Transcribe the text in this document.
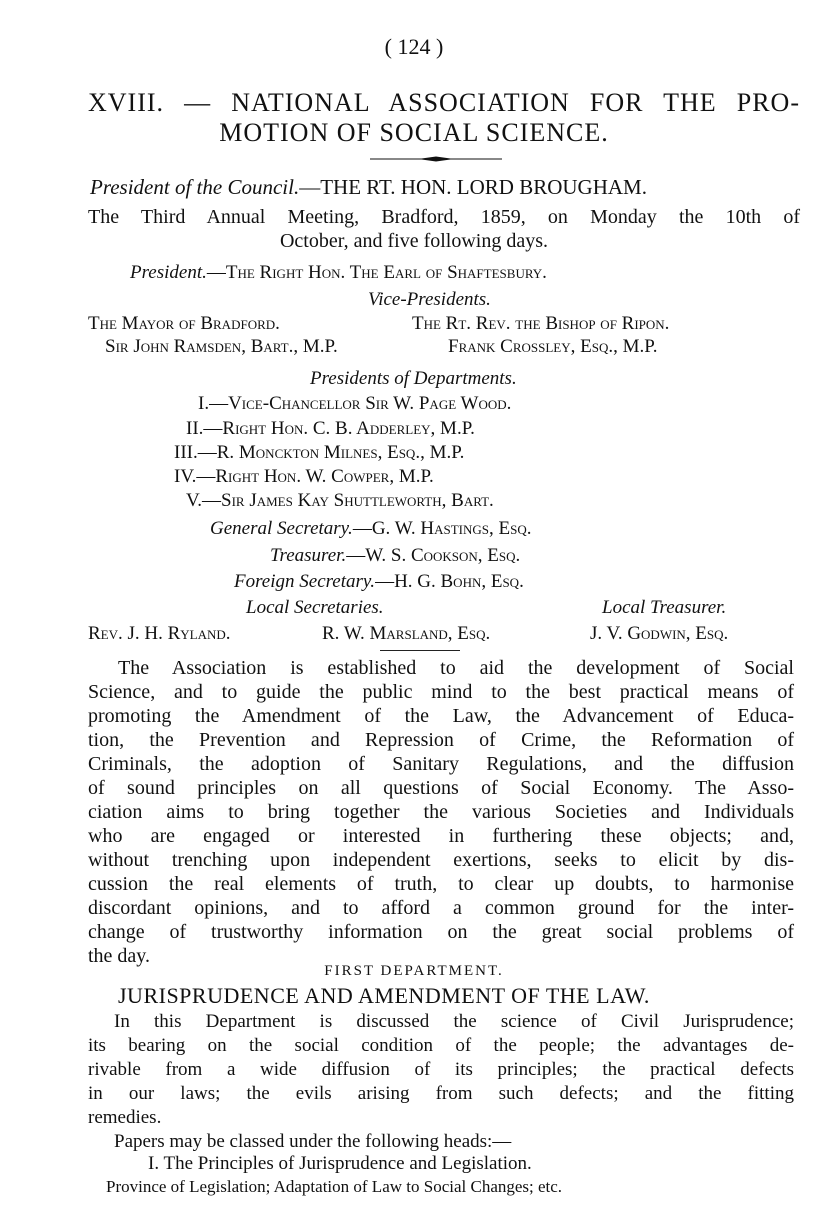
( 124 )
XVIII. — NATIONAL ASSOCIATION FOR THE PRO-
MOTION OF SOCIAL SCIENCE.
President of the Council.—THE RT. HON. LORD BROUGHAM.
The Third Annual Meeting, Bradford, 1859, on Monday the 10th of
October, and five following days.
President.—The Right Hon. The Earl of Shaftesbury.
Vice-Presidents.
The Mayor of Bradford.	The Rt. Rev. the Bishop of Ripon.
Sir John Ramsden, Bart., M.P.	Frank Crossley, Esq., M.P.
Presidents of Departments.
I.—Vice-Chancellor Sir W. Page Wood.
II.—Right Hon. C. B. Adderley, M.P.
III.—R. Monckton Milnes, Esq., M.P.
IV.—Right Hon. W. Cowper, M.P.
V.—Sir James Kay Shuttleworth, Bart.
General Secretary.—G. W. Hastings, Esq.
Treasurer.—W. S. Cookson, Esq.
Foreign Secretary.—H. G. Bohn, Esq.
Local Secretaries.	Local Treasurer.
Rev. J. H. Ryland.	R. W. Marsland, Esq.	J. V. Godwin, Esq.
The Association is established to aid the development of Social
Science, and to guide the public mind to the best practical means of
promoting the Amendment of the Law, the Advancement of Educa-
tion, the Prevention and Repression of Crime, the Reformation of
Criminals, the adoption of Sanitary Regulations, and the diffusion
of sound principles on all questions of Social Economy. The Asso-
ciation aims to bring together the various Societies and Individuals
who are engaged or interested in furthering these objects; and,
without trenching upon independent exertions, seeks to elicit by dis-
cussion the real elements of truth, to clear up doubts, to harmonise
discordant opinions, and to afford a common ground for the inter-
change of trustworthy information on the great social problems of
the day.
FIRST DEPARTMENT.
JURISPRUDENCE AND AMENDMENT OF THE LAW.
In this Department is discussed the science of Civil Jurisprudence;
its bearing on the social condition of the people; the advantages de-
rivable from a wide diffusion of its principles; the practical defects
in our laws; the evils arising from such defects; and the fitting
remedies.
Papers may be classed under the following heads:—
I. The Principles of Jurisprudence and Legislation.
Province of Legislation; Adaptation of Law to Social Changes; etc.
